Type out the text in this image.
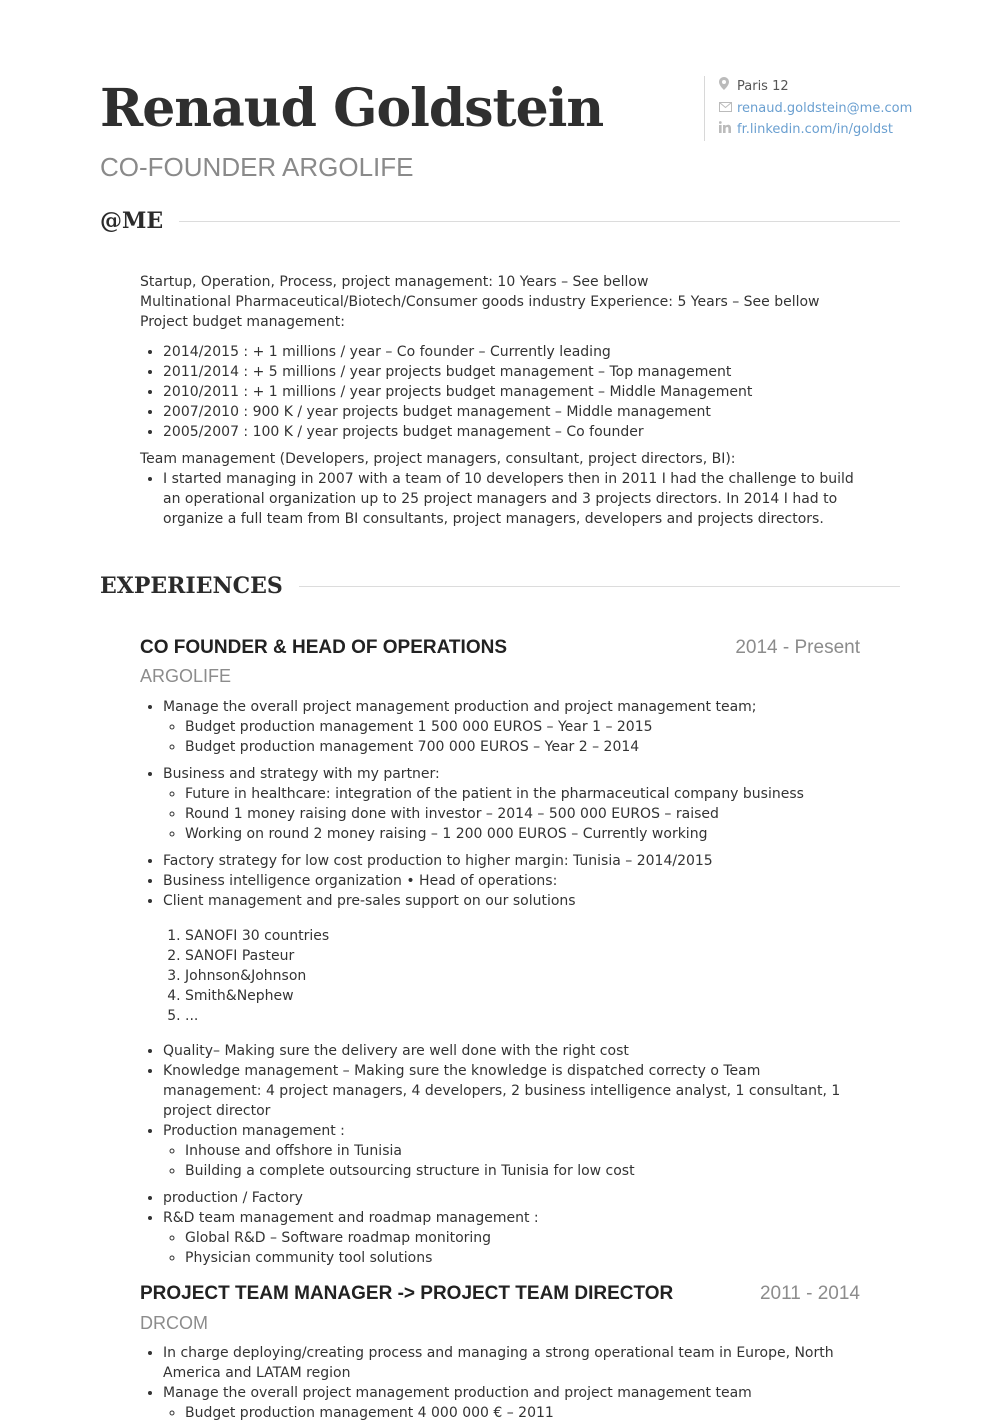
Renaud Goldstein
CO-FOUNDER ARGOLIFE
Paris 12
renaud.goldstein@me.com
fr.linkedin.com/in/goldst
@ME

Startup, Operation, Process, project management: 10 Years – See bellow

Multinational Pharmaceutical/Biotech/Consumer goods industry Experience: 5 Years – See bellow Project budget management:

• 2014/2015 : + 1 millions / year – Co founder – Currently leading
• 2011/2014 : + 5 millions / year projects budget management – Top management
• 2010/2011 : + 1 millions / year projects budget management – Middle Management
• 2007/2010 : 900 K / year projects budget management – Middle management
• 2005/2007 : 100 K / year projects budget management – Co founder

Team management (Developers, project managers, consultant, project directors, BI):

• I started managing in 2007 with a team of 10 developers then in 2011 I had the challenge to build an operational organization up to 25 project managers and 3 projects directors. In 2014 I had to organize a full team from BI consultants, project managers, developers and projects directors.
EXPERIENCES
CO FOUNDER & HEAD OF OPERATIONS	2014 - Present
ARGOLIFE
• Manage the overall project management production and project management team;
◦ Budget production management 1 500 000 EUROS – Year 1 – 2015
◦ Budget production management 700 000 EUROS – Year 2 – 2014
• Business and strategy with my partner:
◦ Future in healthcare: integration of the patient in the pharmaceutical company business
◦ Round 1 money raising done with investor – 2014 – 500 000 EUROS – raised
◦ Working on round 2 money raising – 1 200 000 EUROS – Currently working
• Factory strategy for low cost production to higher margin: Tunisia – 2014/2015
• Business intelligence organization • Head of operations:
• Client management and pre-sales support on our solutions
1. SANOFI 30 countries
2. SANOFI Pasteur
3. Johnson&Johnson
4. Smith&Nephew
5. ...
• Quality– Making sure the delivery are well done with the right cost
• Knowledge management – Making sure the knowledge is dispatched correcty o Team management: 4 project managers, 4 developers, 2 business intelligence analyst, 1 consultant, 1 project director
• Production management :
◦ Inhouse and offshore in Tunisia
◦ Building a complete outsourcing structure in Tunisia for low cost
• production / Factory
• R&D team management and roadmap management :
◦ Global R&D – Software roadmap monitoring
◦ Physician community tool solutions
PROJECT TEAM MANAGER -> PROJECT TEAM DIRECTOR	2011 - 2014
DRCOM
• In charge deploying/creating process and managing a strong operational team in Europe, North America and LATAM region
• Manage the overall project management production and project management team
◦ Budget production management 4 000 000 € – 2011
